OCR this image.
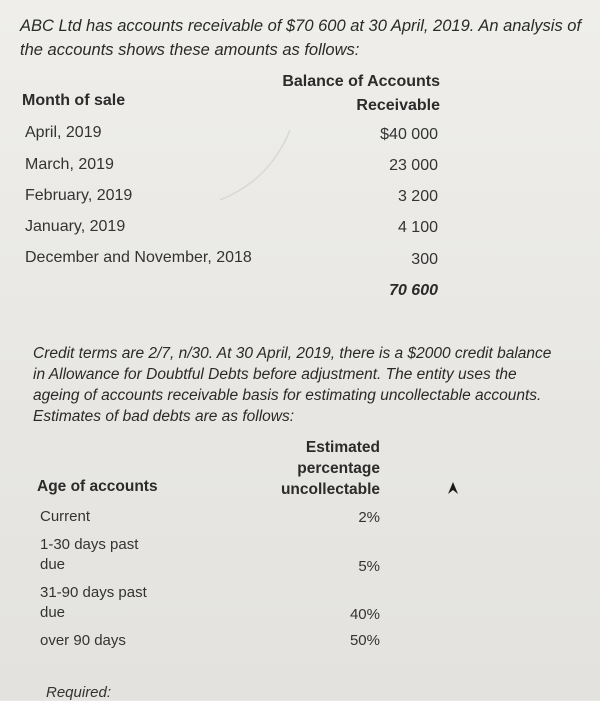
ABC Ltd has accounts receivable of $70 600 at 30 April, 2019. An analysis of
the accounts shows these amounts as follows:
Balance of Accounts
Receivable
Month of sale
April, 2019	$40 000
March, 2019	23 000
February, 2019	3 200
January, 2019	4 100
December and November, 2018	300
70 600
Credit terms are 2/7, n/30. At 30 April, 2019, there is a $2000 credit balance
in Allowance for Doubtful Debts before adjustment. The entity uses the
ageing of accounts receivable basis for estimating uncollectable accounts.
Estimates of bad debts are as follows:
Estimated
percentage
uncollectable
Age of accounts
Current	2%
1-30 days past
due	5%
31-90 days past
due	40%
over 90 days	50%
Required:
